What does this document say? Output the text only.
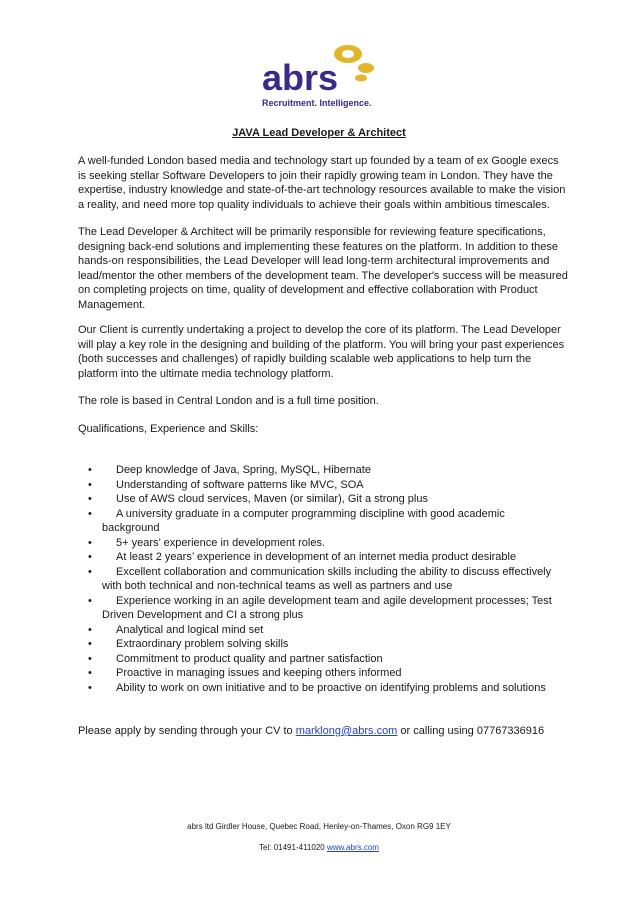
abrs
Recruitment. Intelligence.
JAVA Lead Developer & Architect

A well-funded London based media and technology start up founded by a team of ex Google execs is seeking stellar Software Developers to join their rapidly growing team in London. They have the expertise, industry knowledge and state-of-the-art technology resources available to make the vision a reality, and need more top quality individuals to achieve their goals within ambitious timescales.

The Lead Developer & Architect will be primarily responsible for reviewing feature specifications, designing back-end solutions and implementing these features on the platform. In addition to these hands-on responsibilities, the Lead Developer will lead long-term architectural improvements and lead/mentor the other members of the development team. The developer's success will be measured on completing projects on time, quality of development and effective collaboration with Product Management.

Our Client is currently undertaking a project to develop the core of its platform. The Lead Developer will play a key role in the designing and building of the platform. You will bring your past experiences (both successes and challenges) of rapidly building scalable web applications to help turn the platform into the ultimate media technology platform.

The role is based in Central London and is a full time position.

Qualifications, Experience and Skills:

• Deep knowledge of Java, Spring, MySQL, Hibernate
• Understanding of software patterns like MVC, SOA
• Use of AWS cloud services, Maven (or similar), Git a strong plus
• A university graduate in a computer programming discipline with good academic background
• 5+ years’ experience in development roles.
• At least 2 years’ experience in development of an internet media product desirable
• Excellent collaboration and communication skills including the ability to discuss effectively with both technical and non-technical teams as well as partners and use
• Experience working in an agile development team and agile development processes; Test Driven Development and CI a strong plus
• Analytical and logical mind set
• Extraordinary problem solving skills
• Commitment to product quality and partner satisfaction
• Proactive in managing issues and keeping others informed
• Ability to work on own initiative and to be proactive on identifying problems and solutions

Please apply by sending through your CV to marklong@abrs.com or calling using 07767336916

abrs ltd Girdler House, Quebec Road, Henley-on-Thames, Oxon RG9 1EY
Tel: 01491-411020 www.abrs.com
